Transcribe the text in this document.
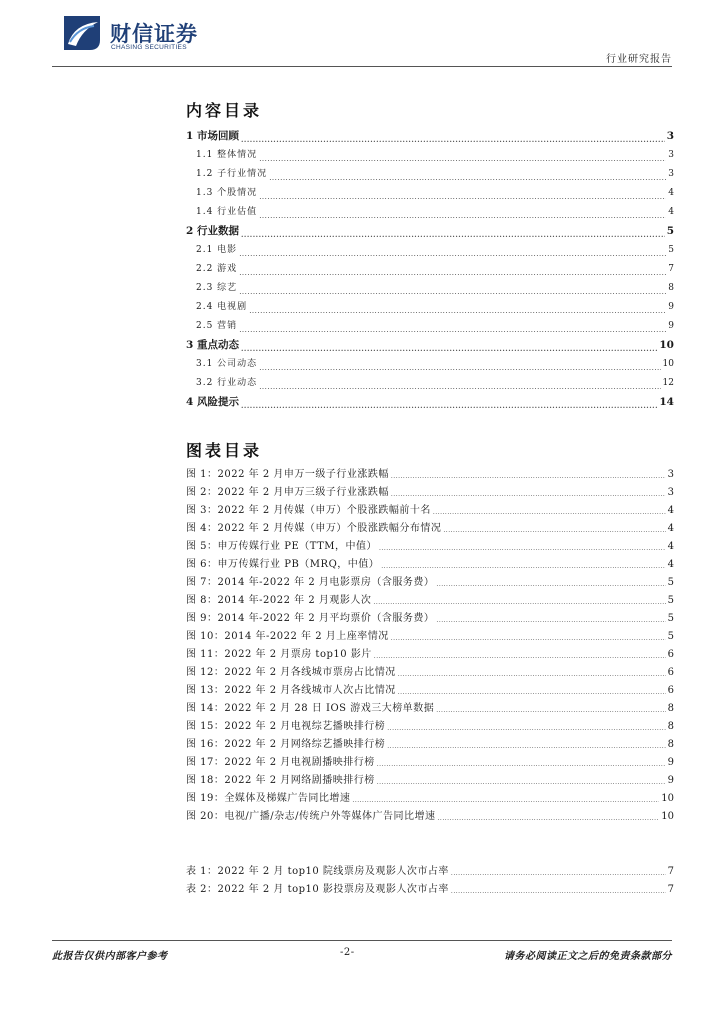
财信证券
CHASING SECURITIES
行业研究报告
内容目录
1 市场回顾 .....	3
1.1 整体情况 .....	3
1.2 子行业情况 .....	3
1.3 个股情况 .....	4
1.4 行业估值 .....	4
2 行业数据 .....	5
2.1 电影 .....	5
2.2 游戏 .....	7
2.3 综艺 .....	8
2.4 电视剧 .....	9
2.5 营销 .....	9
3 重点动态 .....	10
3.1 公司动态 .....	10
3.2 行业动态 .....	12
4 风险提示 .....	14
图表目录
图 1：2022 年 2 月申万一级子行业涨跌幅 .....	3
图 2：2022 年 2 月申万三级子行业涨跌幅 .....	3
图 3：2022 年 2 月传媒（申万）个股涨跌幅前十名 .....	4
图 4：2022 年 2 月传媒（申万）个股涨跌幅分布情况 .....	4
图 5：申万传媒行业 PE（TTM，中值） .....	4
图 6：申万传媒行业 PB（MRQ，中值） .....	4
图 7：2014 年-2022 年 2 月电影票房（含服务费） .....	5
图 8：2014 年-2022 年 2 月观影人次 .....	5
图 9：2014 年-2022 年 2 月平均票价（含服务费） .....	5
图 10：2014 年-2022 年 2 月上座率情况 .....	5
图 11：2022 年 2 月票房 top10 影片 .....	6
图 12：2022 年 2 月各线城市票房占比情况 .....	6
图 13：2022 年 2 月各线城市人次占比情况 .....	6
图 14：2022 年 2 月 28 日 IOS 游戏三大榜单数据 .....	8
图 15：2022 年 2 月电视综艺播映排行榜 .....	8
图 16：2022 年 2 月网络综艺播映排行榜 .....	8
图 17：2022 年 2 月电视剧播映排行榜 .....	9
图 18：2022 年 2 月网络剧播映排行榜 .....	9
图 19：全媒体及梯媒广告同比增速 .....	10
图 20：电视/广播/杂志/传统户外等媒体广告同比增速 .....	10
表 1：2022 年 2 月 top10 院线票房及观影人次市占率 .....	7
表 2：2022 年 2 月 top10 影投票房及观影人次市占率 .....	7
此报告仅供内部客户参考	-2-	请务必阅读正文之后的免责条款部分
